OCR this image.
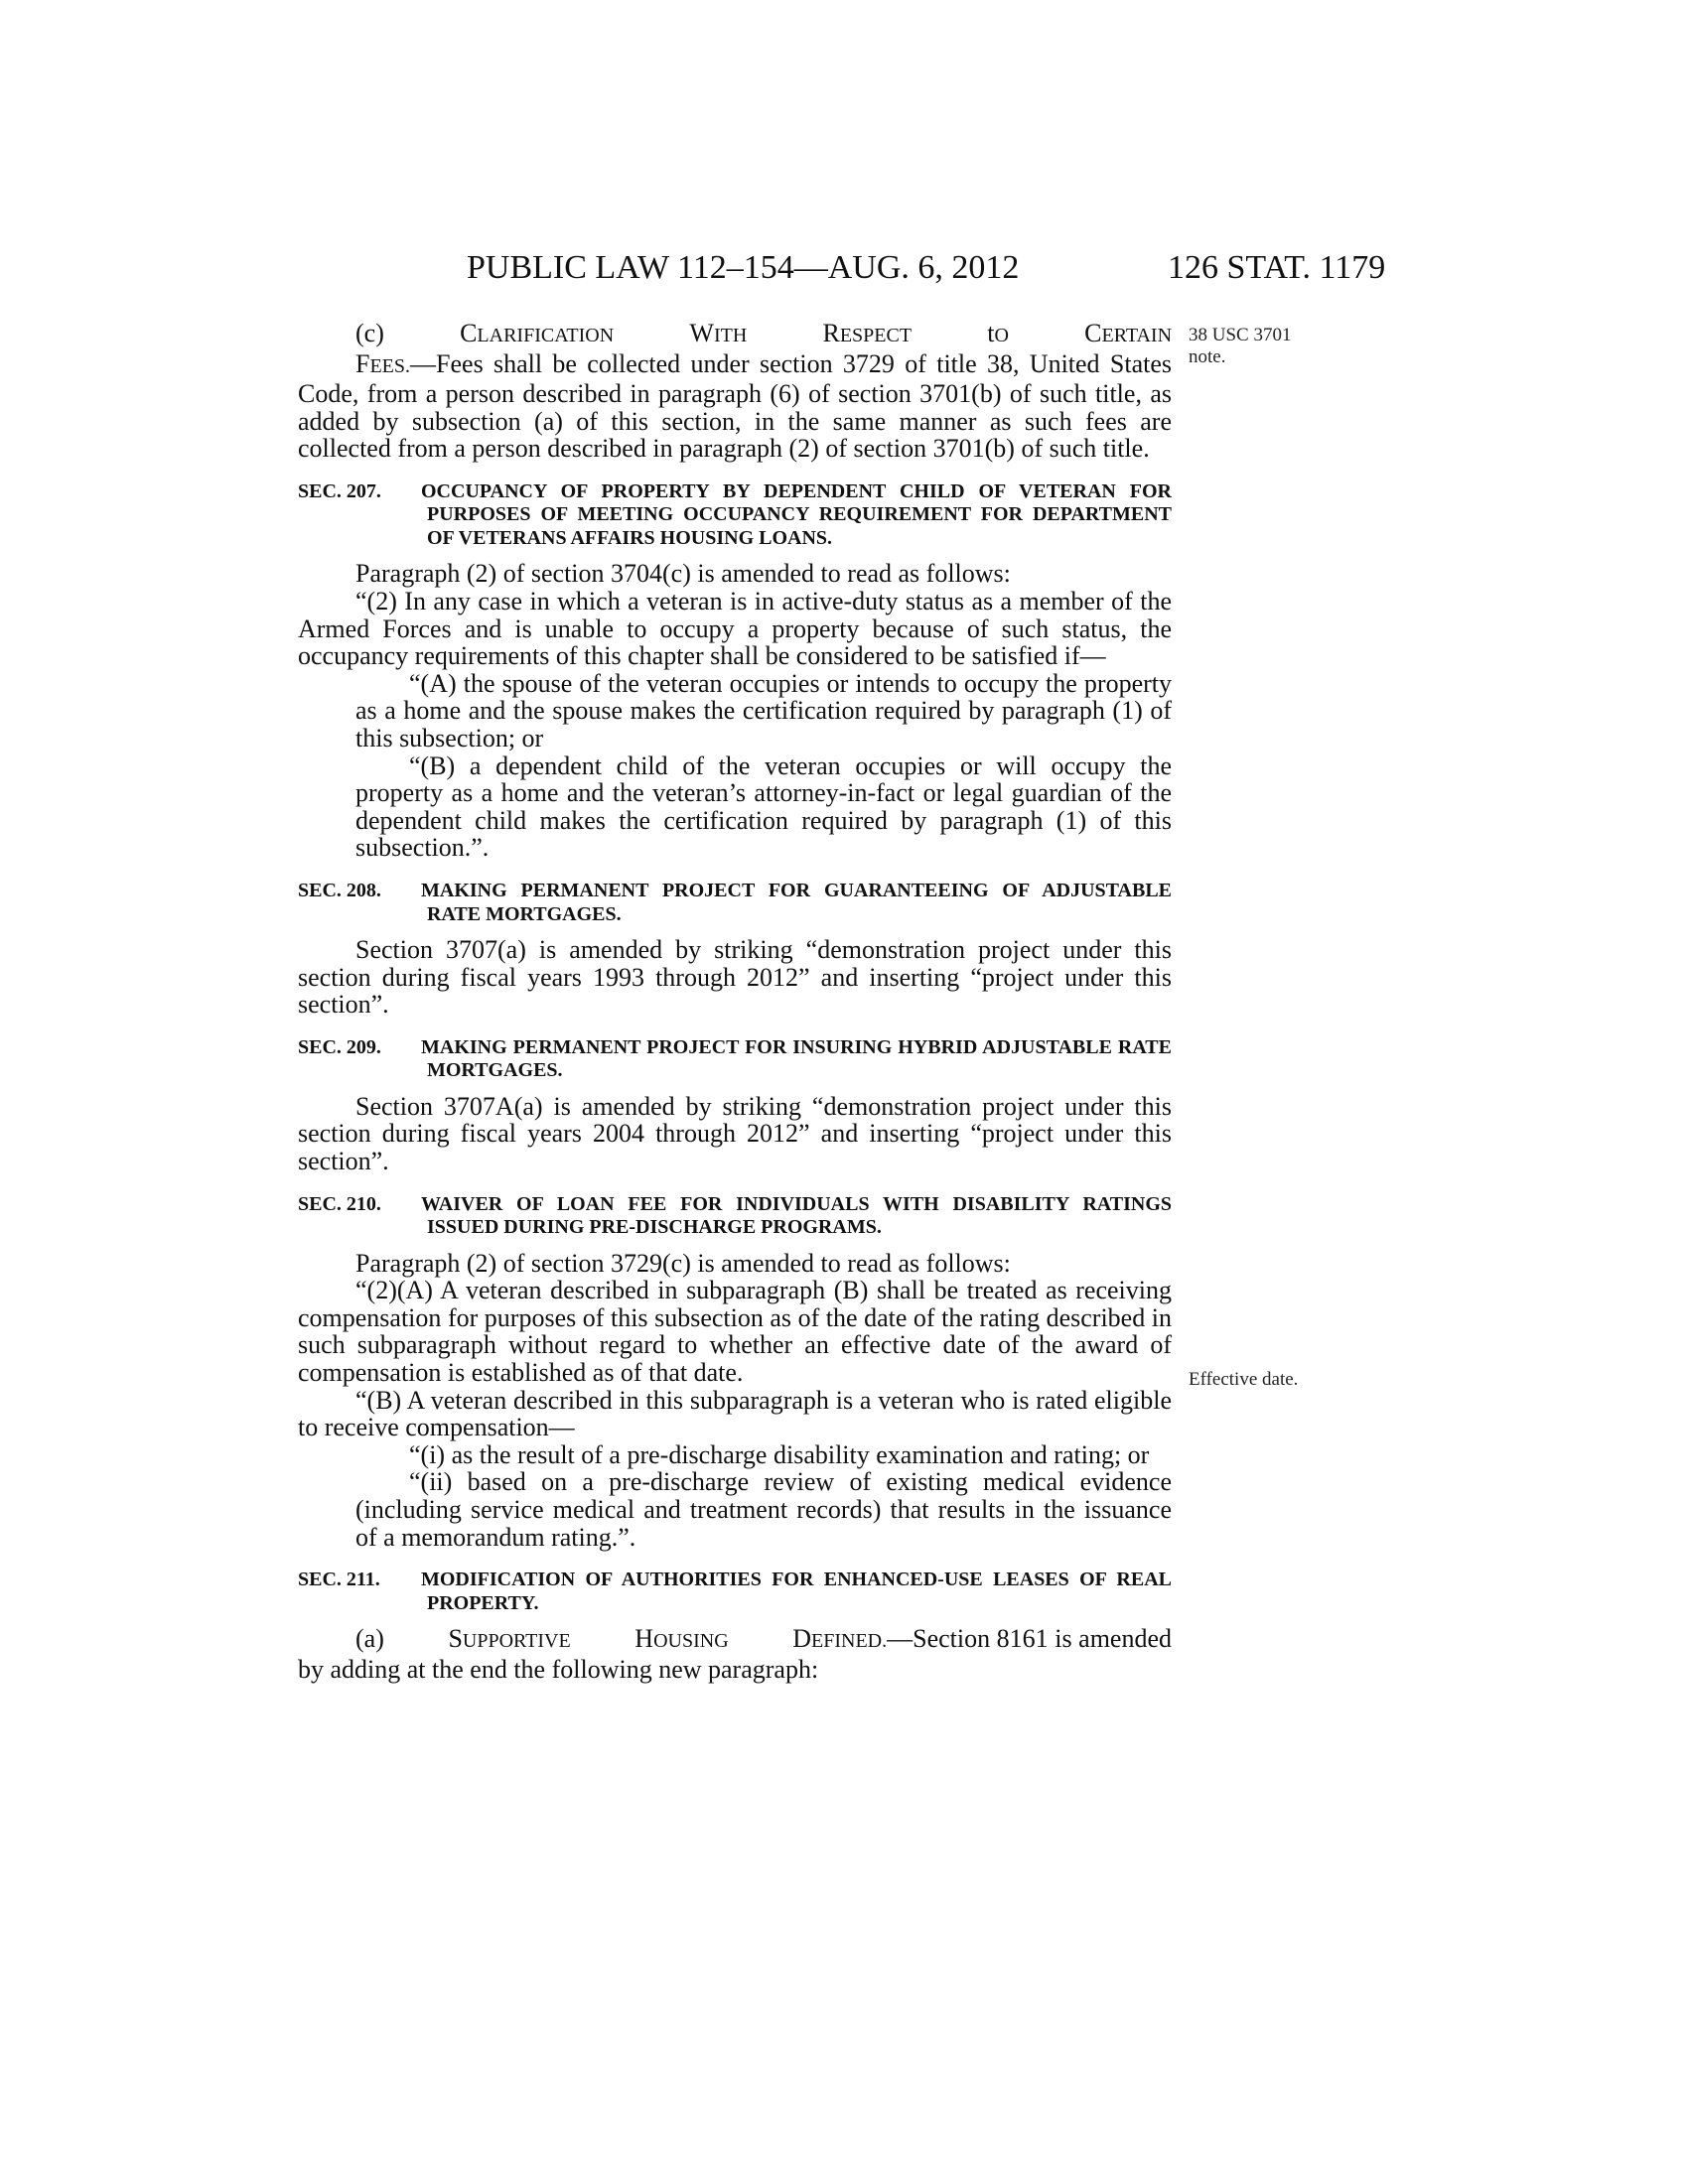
PUBLIC LAW 112–154—AUG. 6, 2012	126 STAT. 1179
38 USC 3701
note.
Effective date.

(c)	CLARIFICATION	WITH	RESPECT	tO	CERTAIN FEES.—Fees shall be collected under section 3729 of title 38, United States Code, from a person described in paragraph (6) of section 3701(b) of such title, as added by subsection (a) of this section, in the same manner as such fees are collected from a person described in paragraph (2) of section 3701(b) of such title.

SEC. 207. OCCUPANCY OF PROPERTY BY DEPENDENT CHILD OF VETERAN FOR PURPOSES OF MEETING OCCUPANCY REQUIREMENT FOR DEPARTMENT OF VETERANS AFFAIRS HOUSING LOANS.

Paragraph (2) of section 3704(c) is amended to read as follows:

“(2) In any case in which a veteran is in active-duty status as a member of the Armed Forces and is unable to occupy a property because of such status, the occupancy requirements of this chapter shall be considered to be satisfied if—

“(A) the spouse of the veteran occupies or intends to occupy the property as a home and the spouse makes the certification required by paragraph (1) of this subsection; or

“(B) a dependent child of the veteran occupies or will occupy the property as a home and the veteran’s attorney-in-fact or legal guardian of the dependent child makes the certification required by paragraph (1) of this subsection.”.

SEC. 208. MAKING PERMANENT PROJECT FOR GUARANTEEING OF ADJUSTABLE RATE MORTGAGES.

Section 3707(a) is amended by striking “demonstration project under this section during fiscal years 1993 through 2012” and inserting “project under this section”.

SEC. 209. MAKING PERMANENT PROJECT FOR INSURING HYBRID ADJUSTABLE RATE MORTGAGES.

Section 3707A(a) is amended by striking “demonstration project under this section during fiscal years 2004 through 2012” and inserting “project under this section”.

SEC. 210. WAIVER OF LOAN FEE FOR INDIVIDUALS WITH DISABILITY RATINGS ISSUED DURING PRE-DISCHARGE PROGRAMS.

Paragraph (2) of section 3729(c) is amended to read as follows:

“(2)(A) A veteran described in subparagraph (B) shall be treated as receiving compensation for purposes of this subsection as of the date of the rating described in such subparagraph without regard to whether an effective date of the award of compensation is established as of that date.

“(B) A veteran described in this subparagraph is a veteran who is rated eligible to receive compensation—

“(i) as the result of a pre-discharge disability examination and rating; or

“(ii) based on a pre-discharge review of existing medical evidence (including service medical and treatment records) that results in the issuance of a memorandum rating.”.

SEC. 211. MODIFICATION OF AUTHORITIES FOR ENHANCED-USE LEASES OF REAL PROPERTY.

(a) SUPPORTIVE HOUSING DEFINED.—Section 8161 is amended by adding at the end the following new paragraph:
